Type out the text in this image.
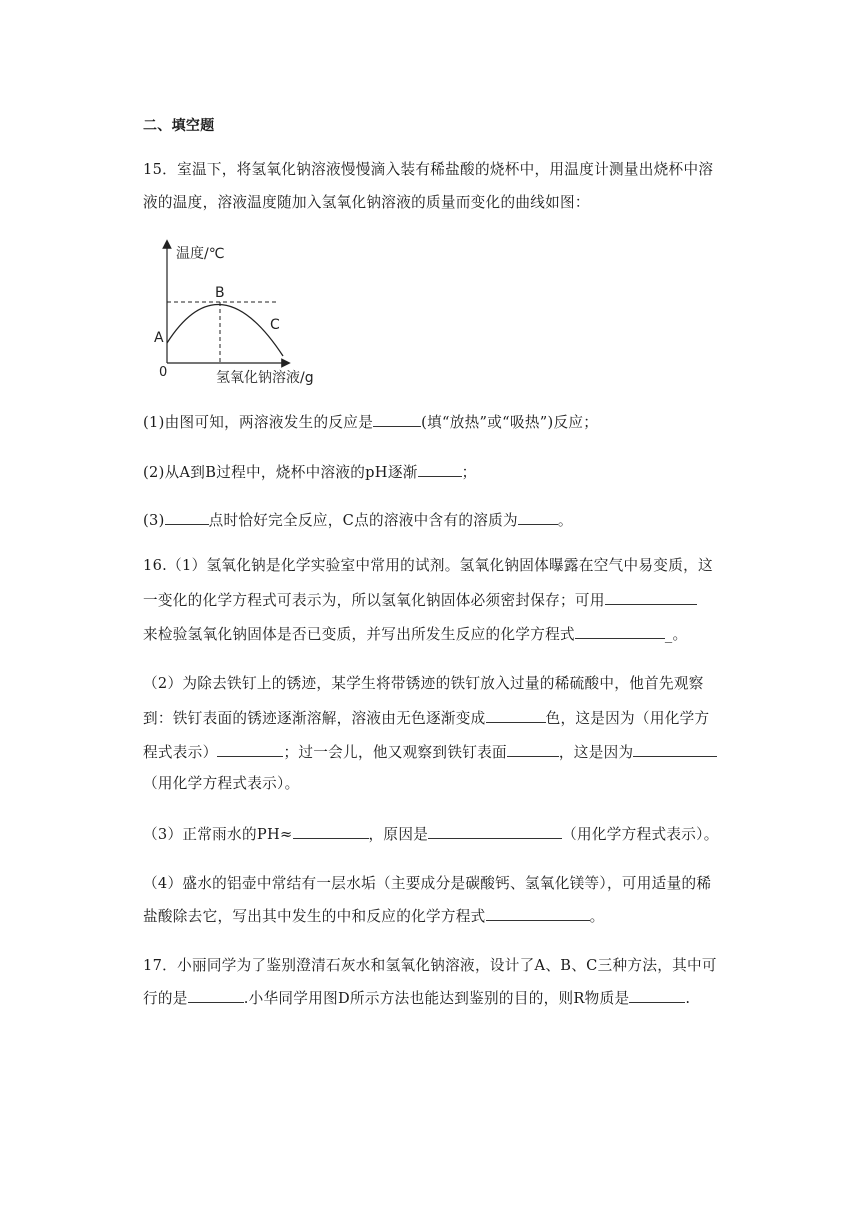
二、填空题
15．室温下，将氢氧化钠溶液慢慢滴入装有稀盐酸的烧杯中，用温度计测量出烧杯中溶
液的温度，溶液温度随加入氢氧化钠溶液的质量而变化的曲线如图：
温度/℃
氢氧化钠溶液/g
0
A
B
C
(1)由图可知，两溶液发生的反应是	(填“放热”或“吸热”)反应；
(2)从A到B过程中，烧杯中溶液的pH逐渐	；
(3)	点时恰好完全反应，C点的溶液中含有的溶质为	。
16.（1）氢氧化钠是化学实验室中常用的试剂。氢氧化钠固体曝露在空气中易变质，这
一变化的化学方程式可表示为，所以氢氧化钠固体必须密封保存；可用
来检验氢氧化钠固体是否已变质，并写出所发生反应的化学方程式	_。
（2）为除去铁钉上的锈迹，某学生将带锈迹的铁钉放入过量的稀硫酸中，他首先观察
到：铁钉表面的锈迹逐渐溶解，溶液由无色逐渐变成	色，这是因为（用化学方
程式表示）	；过一会儿，他又观察到铁钉表面	，这是因为
（用化学方程式表示）。
（3）正常雨水的PH≈	，原因是	（用化学方程式表示）。
（4）盛水的铝壶中常结有一层水垢（主要成分是碳酸钙、氢氧化镁等），可用适量的稀
盐酸除去它，写出其中发生的中和反应的化学方程式	。
17．小丽同学为了鉴别澄清石灰水和氢氧化钠溶液，设计了A、B、C三种方法，其中可
行的是	.小华同学用图D所示方法也能达到鉴别的目的，则R物质是	.
